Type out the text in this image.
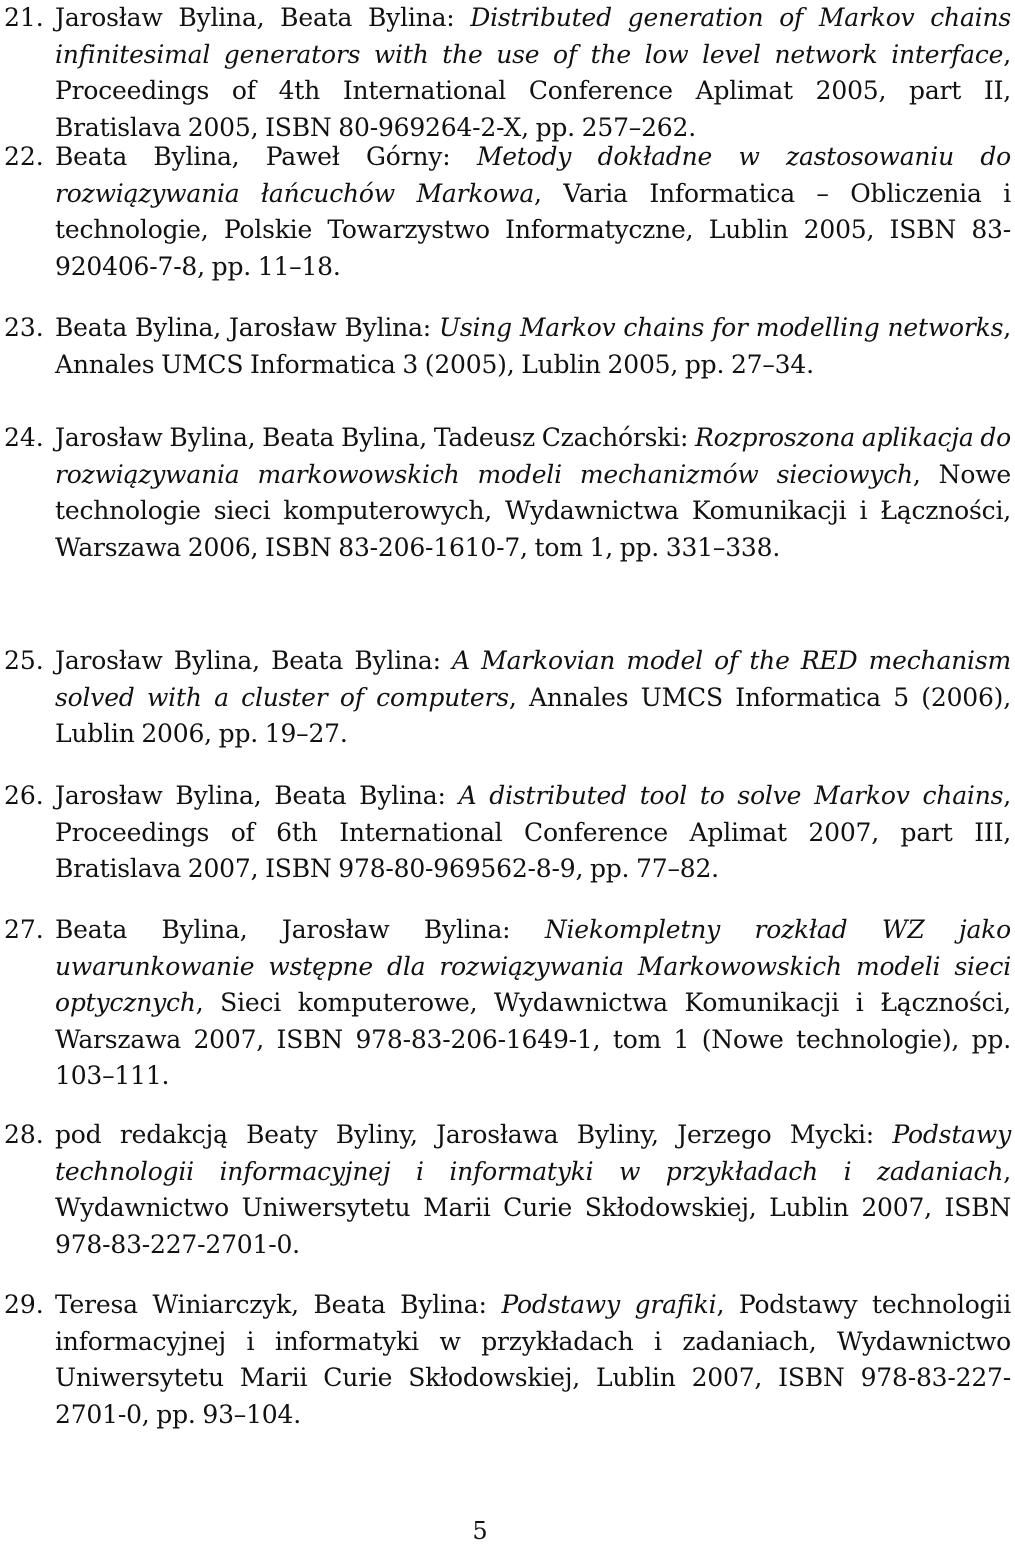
21. Jarosław Bylina, Beata Bylina: Distributed generation of Markov chains infinitesimal generators with the use of the low level network interface, Proceedings of 4th International Conference Aplimat 2005, part II, Bratislava 2005, ISBN 80-969264-2-X, pp. 257–262.
22. Beata Bylina, Paweł Górny: Metody dokładne w zastosowaniu do rozwiązywania łańcuchów Markowa, Varia Informatica – Obliczenia i technologie, Polskie Towarzystwo Informatyczne, Lublin 2005, ISBN 83-920406-7-8, pp. 11–18.
23. Beata Bylina, Jarosław Bylina: Using Markov chains for modelling networks, Annales UMCS Informatica 3 (2005), Lublin 2005, pp. 27–34.
24. Jarosław Bylina, Beata Bylina, Tadeusz Czachórski: Rozproszona aplikacja do rozwiązywania markowowskich modeli mechanizmów sieciowych, Nowe technologie sieci komputerowych, Wydawnictwa Komunikacji i Łączności, Warszawa 2006, ISBN 83-206-1610-7, tom 1, pp. 331–338.
25. Jarosław Bylina, Beata Bylina: A Markovian model of the RED mechanism solved with a cluster of computers, Annales UMCS Informatica 5 (2006), Lublin 2006, pp. 19–27.
26. Jarosław Bylina, Beata Bylina: A distributed tool to solve Markov chains, Proceedings of 6th International Conference Aplimat 2007, part III, Bratislava 2007, ISBN 978-80-969562-8-9, pp. 77–82.
27. Beata Bylina, Jarosław Bylina: Niekompletny rozkład WZ jako uwarunkowanie wstępne dla rozwiązywania Markowowskich modeli sieci optycznych, Sieci komputerowe, Wydawnictwa Komunikacji i Łączności, Warszawa 2007, ISBN 978-83-206-1649-1, tom 1 (Nowe technologie), pp. 103–111.
28. pod redakcją Beaty Byliny, Jarosława Byliny, Jerzego Mycki: Podstawy technologii informacyjnej i informatyki w przykładach i zadaniach, Wydawnictwo Uniwersytetu Marii Curie Skłodowskiej, Lublin 2007, ISBN 978-83-227-2701-0.
29. Teresa Winiarczyk, Beata Bylina: Podstawy grafiki, Podstawy technologii informacyjnej i informatyki w przykładach i zadaniach, Wydawnictwo Uniwersytetu Marii Curie Skłodowskiej, Lublin 2007, ISBN 978-83-227-2701-0, pp. 93–104.
5
